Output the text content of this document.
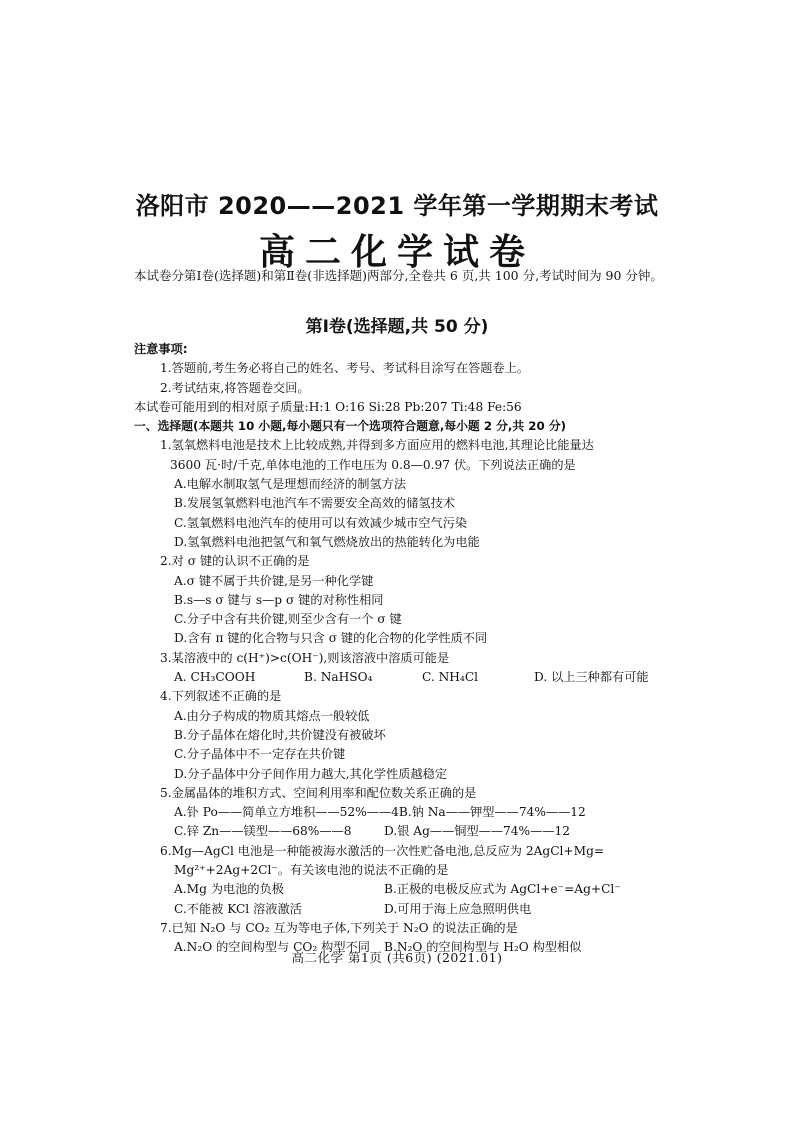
洛阳市 2020——2021 学年第一学期期末考试
高二化学试卷
本试卷分第Ⅰ卷(选择题)和第Ⅱ卷(非选择题)两部分,全卷共 6 页,共 100 分,考试时间为 90 分钟。
第Ⅰ卷(选择题,共 50 分)
注意事项:
1.答题前,考生务必将自己的姓名、考号、考试科目涂写在答题卷上。
2.考试结束,将答题卷交回。
本试卷可能用到的相对原子质量:H:1 O:16 Si:28 Pb:207 Ti:48 Fe:56
一、选择题(本题共 10 小题,每小题只有一个选项符合题意,每小题 2 分,共 20 分)
1.氢氧燃料电池是技术上比较成熟,并得到多方面应用的燃料电池,其理论比能量达
3600 瓦·时/千克,单体电池的工作电压为 0.8—0.97 伏。下列说法正确的是
A.电解水制取氢气是理想而经济的制氢方法
B.发展氢氧燃料电池汽车不需要安全高效的储氢技术
C.氢氧燃料电池汽车的使用可以有效减少城市空气污染
D.氢氧燃料电池把氢气和氧气燃烧放出的热能转化为电能
2.对 σ 键的认识不正确的是
A.σ 键不属于共价键,是另一种化学键
B.s—s σ 键与 s—p σ 键的对称性相同
C.分子中含有共价键,则至少含有一个 σ 键
D.含有 π 键的化合物与只含 σ 键的化合物的化学性质不同
3.某溶液中的 c(H⁺)>c(OH⁻),则该溶液中溶质可能是
A. CH₃COOH	B. NaHSO₄	C. NH₄Cl	D. 以上三种都有可能
4.下列叙述不正确的是
A.由分子构成的物质其熔点一般较低
B.分子晶体在熔化时,共价键没有被破坏
C.分子晶体中不一定存在共价键
D.分子晶体中分子间作用力越大,其化学性质越稳定
5.金属晶体的堆积方式、空间利用率和配位数关系正确的是
A.钋 Po——简单立方堆积——52%——4 B.钠 Na——钾型——74%——12
C.锌 Zn——镁型——68%——8	D.银 Ag——铜型——74%——12
6.Mg—AgCl 电池是一种能被海水激活的一次性贮备电池,总反应为 2AgCl+Mg=
Mg²⁺+2Ag+2Cl⁻。有关该电池的说法不正确的是
A.Mg 为电池的负极	B.正极的电极反应式为 AgCl+e⁻=Ag+Cl⁻
C.不能被 KCl 溶液激活	D.可用于海上应急照明供电
7.已知 N₂O 与 CO₂ 互为等电子体,下列关于 N₂O 的说法正确的是
A.N₂O 的空间构型与 CO₂ 构型不同	B.N₂O 的空间构型与 H₂O 构型相似
高二化学 第1页 (共6页) (2021.01)
